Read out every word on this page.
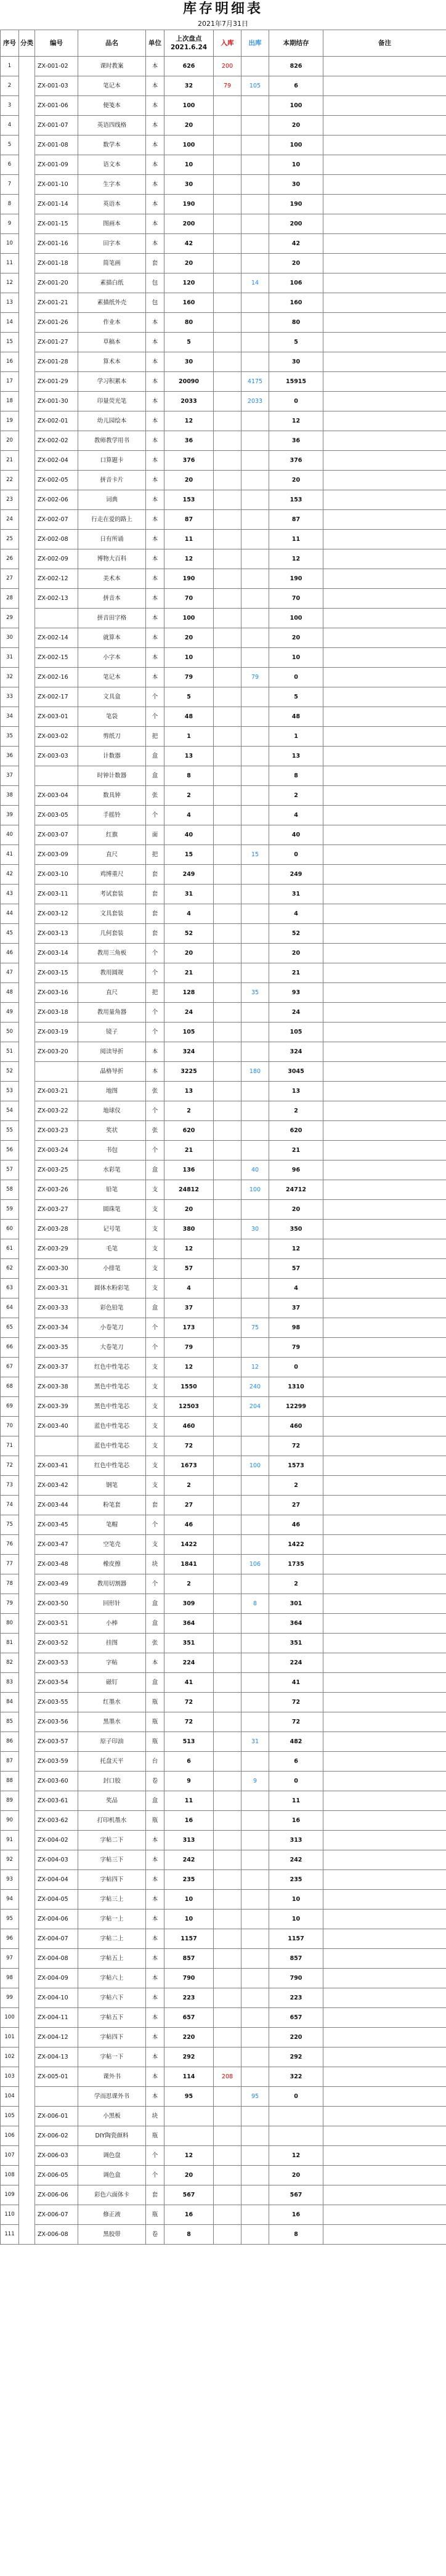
库存明细表
2021年7月31日
序号	分类	编号	品名	单位	上次盘点
2021.6.24	入库	出库	本期结存	备注
1		ZX-001-02	课时教案	本	626	200		826	
2		ZX-001-03	笔记本	本	32	79	105	6	
3		ZX-001-06	便笺本	本	100			100	
4		ZX-001-07	英语四线格	本	20			20	
5		ZX-001-08	数学本	本	100			100	
6		ZX-001-09	语文本	本	10			10	
7		ZX-001-10	生字本	本	30			30	
8		ZX-001-14	英语本	本	190			190	
9		ZX-001-15	图画本	本	200			200	
10		ZX-001-16	田字本	本	42			42	
11		ZX-001-18	简笔画	套	20			20	
12		ZX-001-20	素描白纸	包	120		14	106	
13		ZX-001-21	素描纸外壳	包	160			160	
14		ZX-001-26	作业本	本	80			80	
15		ZX-001-27	草稿本	本	5			5	
16		ZX-001-28	算术本	本	30			30	
17		ZX-001-29	学习积累本	本	20090		4175	15915	
18		ZX-001-30	印量荧光笔	本	2033		2033	0	
19		ZX-002-01	幼儿园绘本	本	12			12	
20		ZX-002-02	教师教学用书	本	36			36	
21		ZX-002-04	口算题卡	本	376			376	
22		ZX-002-05	拼音卡片	本	20			20	
23		ZX-002-06	词典	本	153			153	
24		ZX-002-07	行走在爱的路上	本	87			87	
25		ZX-002-08	日有所诵	本	11			11	
26		ZX-002-09	博物大百科	本	12			12	
27		ZX-002-12	美术本	本	190			190	
28		ZX-002-13	拼音本	本	70			70	
29			拼音田字格	本	100			100	
30		ZX-002-14	就算本	本	20			20	
31		ZX-002-15	小字本	本	10			10	
32		ZX-002-16	笔记本	本	79		79	0	
33		ZX-002-17	文具盒	个	5			5	
34		ZX-003-01	笔袋	个	48			48	
35		ZX-003-02	剪纸刀	把	1			1	
36		ZX-003-03	计数器	盒	13			13	
37			时钟计数器	盒	8			8	
38		ZX-003-04	数具钟	张	2			2	
39		ZX-003-05	手摇铃	个	4			4	
40		ZX-003-07	红旗	面	40			40	
41		ZX-003-09	直尺	把	15		15	0	
42		ZX-003-10	鸡博重尺	套	249			249	
43		ZX-003-11	考试套装	套	31			31	
44		ZX-003-12	文具套装	套	4			4	
45		ZX-003-13	几何套装	套	52			52	
46		ZX-003-14	教用三角板	个	20			20	
47		ZX-003-15	教用圆规	个	21			21	
48		ZX-003-16	直尺	把	128		35	93	
49		ZX-003-18	教用量角器	个	24			24	
50		ZX-003-19	镜子	个	105			105	
51		ZX-003-20	阅读导折	本	324			324	
52			晶格导折	本	3225		180	3045	
53		ZX-003-21	地图	张	13			13	
54		ZX-003-22	地球仪	个	2			2	
55		ZX-003-23	奖状	张	620			620	
56		ZX-003-24	书包	个	21			21	
57		ZX-003-25	水彩笔	盒	136		40	96	
58		ZX-003-26	铅笔	支	24812		100	24712	
59		ZX-003-27	圆珠笔	支	20			20	
60		ZX-003-28	记号笔	支	380		30	350	
61		ZX-003-29	毛笔	支	12			12	
62		ZX-003-30	小排笔	支	57			57	
63		ZX-003-31	圆体水粉彩笔	支	4			4	
64		ZX-003-33	彩色铅笔	盒	37			37	
65		ZX-003-34	小卷笔刀	个	173		75	98	
66		ZX-003-35	大卷笔刀	个	79			79	
67		ZX-003-37	红色中性笔芯	支	12		12	0	
68		ZX-003-38	黑色中性笔芯	支	1550		240	1310	
69		ZX-003-39	黑色中性笔芯	支	12503		204	12299	
70		ZX-003-40	蓝色中性笔芯	支	460			460	
71			蓝色中性笔芯	支	72			72	
72		ZX-003-41	红色中性笔芯	支	1673		100	1573	
73		ZX-003-42	钢笔	支	2			2	
74		ZX-003-44	粉笔套	套	27			27	
75		ZX-003-45	笔帽	个	46			46	
76		ZX-003-47	空笔壳	支	1422			1422	
77		ZX-003-48	橡皮擦	块	1841		106	1735	
78		ZX-003-49	教用切割器	个	2			2	
79		ZX-003-50	回形针	盒	309		8	301	
80		ZX-003-51	小棒	盒	364			364	
81		ZX-003-52	挂图	张	351			351	
82		ZX-003-53	字帖	本	224			224	
83		ZX-003-54	磁钉	盒	41			41	
84		ZX-003-55	红墨水	瓶	72			72	
85		ZX-003-56	黑墨水	瓶	72			72	
86		ZX-003-57	原子印油	瓶	513		31	482	
87		ZX-003-59	托盘天平	台	6			6	
88		ZX-003-60	封口胶	卷	9		9	0	
89		ZX-003-61	奖品	盒	11			11	
90		ZX-003-62	打印机墨水	瓶	16			16	
91		ZX-004-02	字帖二下	本	313			313	
92		ZX-004-03	字帖三下	本	242			242	
93		ZX-004-04	字帖四下	本	235			235	
94		ZX-004-05	字帖三上	本	10			10	
95		ZX-004-06	字帖一上	本	10			10	
96		ZX-004-07	字帖二上	本	1157			1157	
97		ZX-004-08	字帖五上	本	857			857	
98		ZX-004-09	字帖六上	本	790			790	
99		ZX-004-10	字帖六下	本	223			223	
100		ZX-004-11	字帖五下	本	657			657	
101		ZX-004-12	字帖四下	本	220			220	
102		ZX-004-13	字帖一下	本	292			292	
103		ZX-005-01	课外书	本	114	208		322	
104			学而思课外书	本	95		95	0	
105		ZX-006-01	小黑板	块					
106		ZX-006-02	DIY陶瓷颜料	瓶					
107		ZX-006-03	调色盘	个	12			12	
108		ZX-006-05	调色盒	个	20			20	
109		ZX-006-06	彩色六面体卡	套	567			567	
110		ZX-006-07	修正液	瓶	16			16	
111		ZX-006-08	黑胶带	卷	8			8	
